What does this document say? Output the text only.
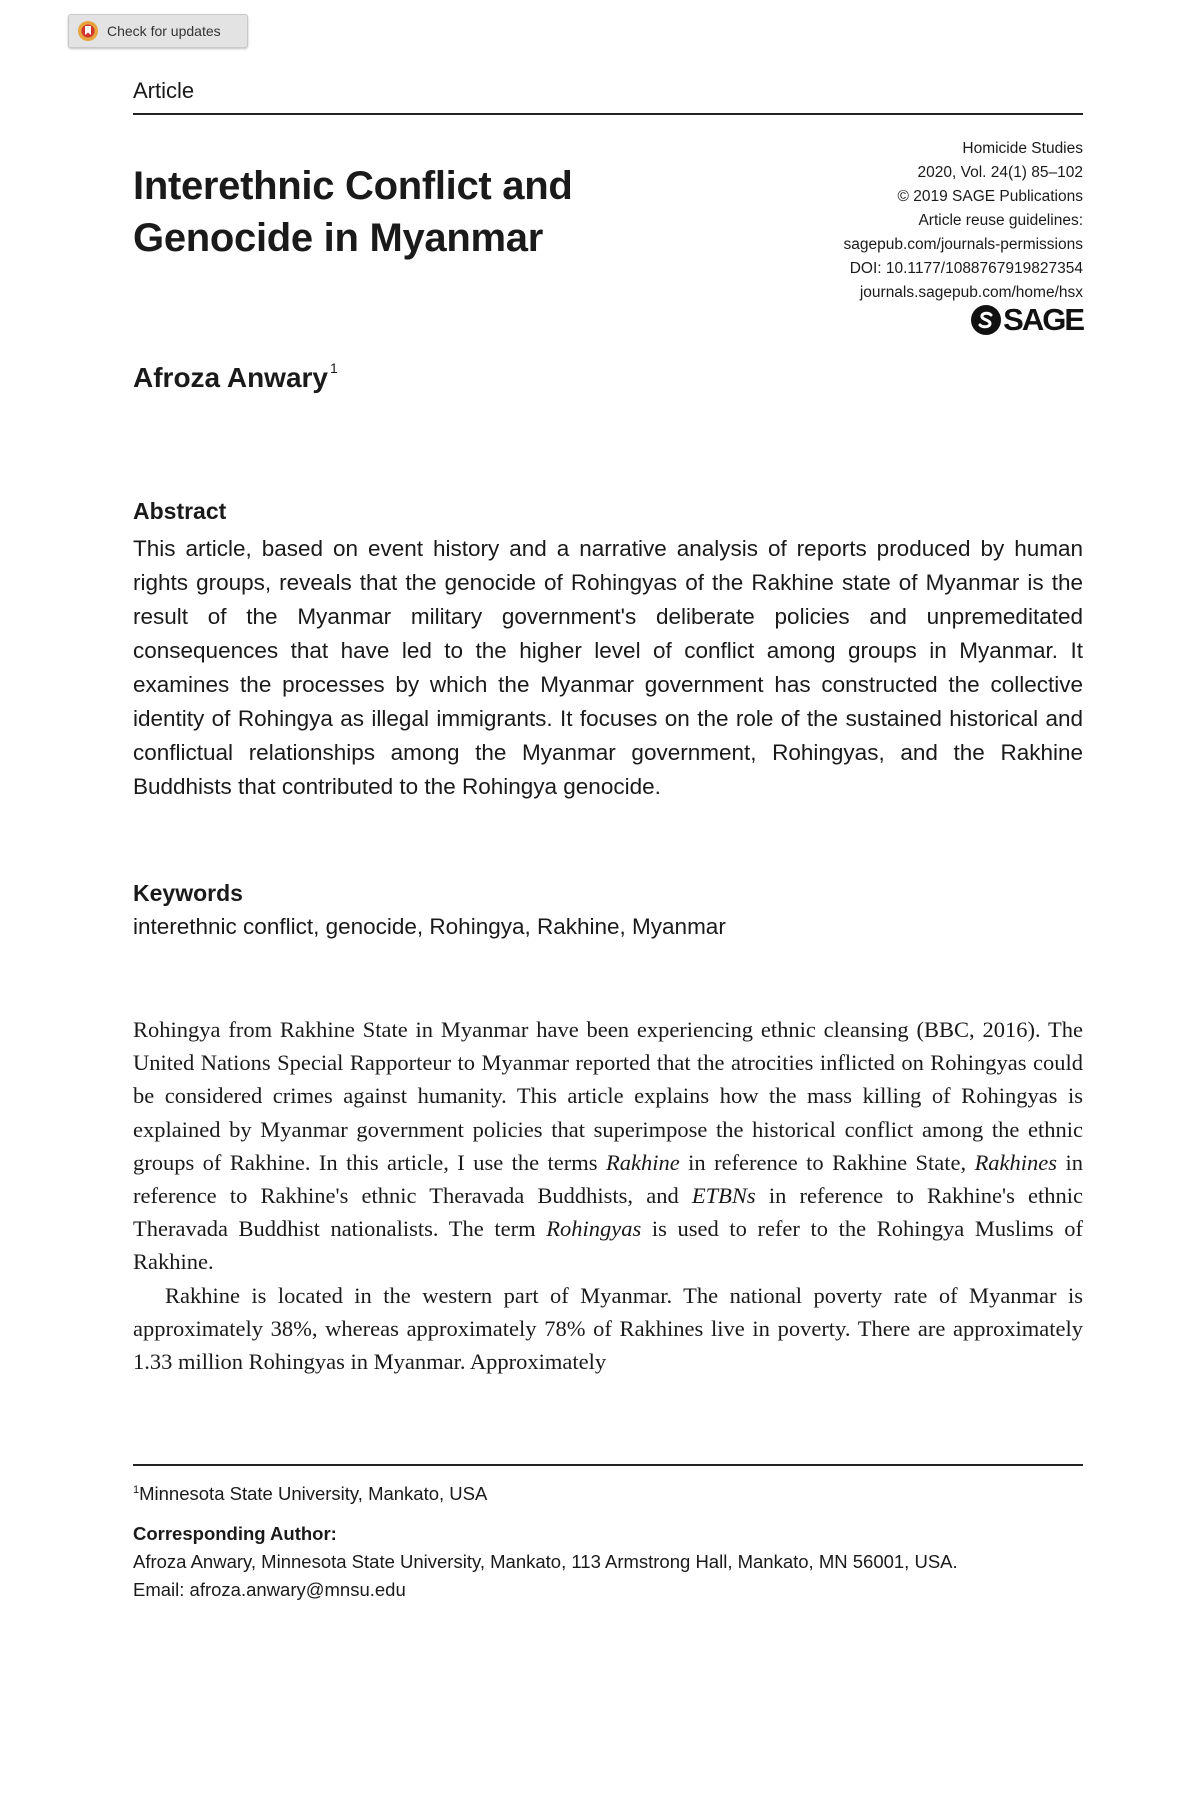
Check for updates
Article
Interethnic Conflict and
Genocide in Myanmar
Homicide Studies
2020, Vol. 24(1) 85–102
© 2019 SAGE Publications
Article reuse guidelines:
sagepub.com/journals-permissions
DOI: 10.1177/1088767919827354
journals.sagepub.com/home/hsx
SAGE
Afroza Anwary $^1$
Abstract

This article, based on event history and a narrative analysis of reports produced by human rights groups, reveals that the genocide of Rohingyas of the Rakhine state of Myanmar is the result of the Myanmar military government's deliberate policies and unpremeditated consequences that have led to the higher level of conflict among groups in Myanmar. It examines the processes by which the Myanmar government has constructed the collective identity of Rohingya as illegal immigrants. It focuses on the role of the sustained historical and conflictual relationships among the Myanmar government, Rohingyas, and the Rakhine Buddhists that contributed to the Rohingya genocide.

Keywords
interethnic conflict, genocide, Rohingya, Rakhine, Myanmar

Rohingya from Rakhine State in Myanmar have been experiencing ethnic cleansing (BBC, 2016). The United Nations Special Rapporteur to Myanmar reported that the atrocities inflicted on Rohingyas could be considered crimes against humanity. This article explains how the mass killing of Rohingyas is explained by Myanmar government policies that superimpose the historical conflict among the ethnic groups of Rakhine. In this article, I use the terms Rakhine in reference to Rakhine State, Rakhines in reference to Rakhine's ethnic Theravada Buddhists, and ETBNs in reference to Rakhine's ethnic Theravada Buddhist nationalists. The term Rohingyas is used to refer to the Rohingya Muslims of Rakhine.

Rakhine is located in the western part of Myanmar. The national poverty rate of Myanmar is approximately 38%, whereas approximately 78% of Rakhines live in poverty. There are approximately 1.33 million Rohingyas in Myanmar. Approximately

$^1$Minnesota State University, Mankato, USA
Corresponding Author:
Afroza Anwary, Minnesota State University, Mankato, 113 Armstrong Hall, Mankato, MN 56001, USA.
Email: afroza.anwary@mnsu.edu
